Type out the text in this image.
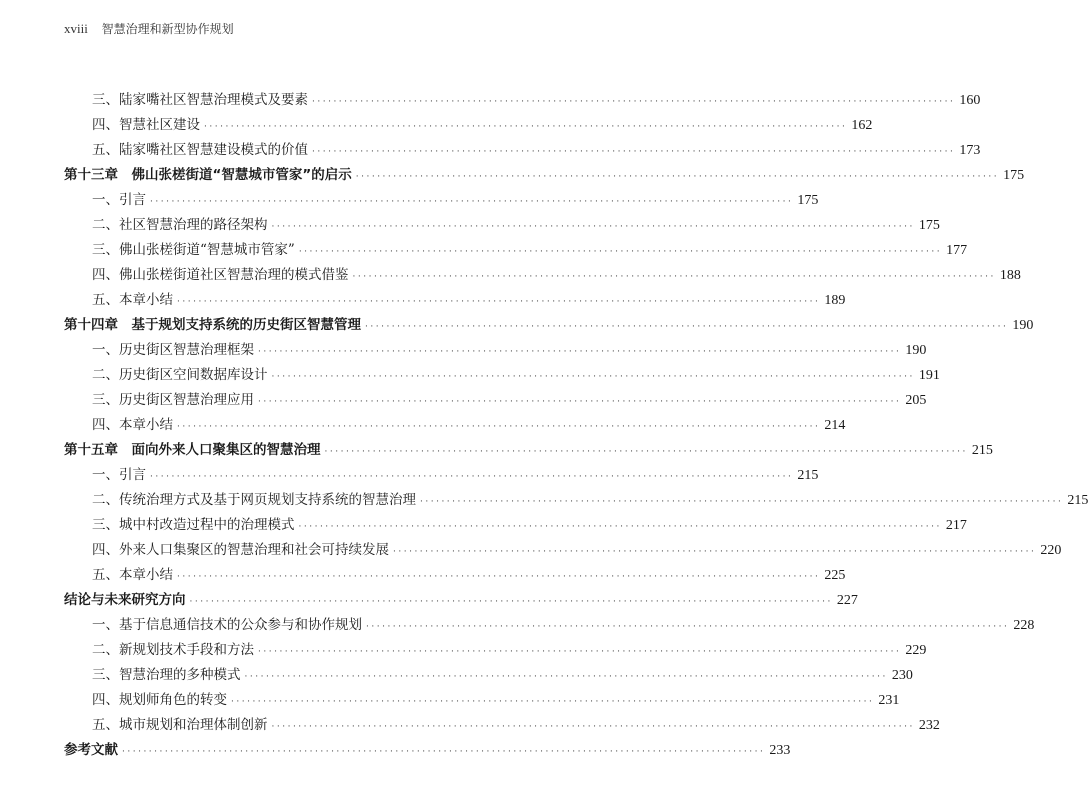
xviii 智慧治理和新型协作规划
三、陆家嘴社区智慧治理模式及要素 ························································································································ 160
四、智慧社区建设 ························································································································ 162
五、陆家嘴社区智慧建设模式的价值 ························································································································ 173
第十三章　佛山张槎街道“智慧城市管家”的启示 ························································································································ 175
一、引言 ························································································································ 175
二、社区智慧治理的路径架构 ························································································································ 175
三、佛山张槎街道“智慧城市管家” ························································································································ 177
四、佛山张槎街道社区智慧治理的模式借鉴 ························································································································ 188
五、本章小结 ························································································································ 189
第十四章　基于规划支持系统的历史街区智慧管理 ························································································································ 190
一、历史街区智慧治理框架 ························································································································ 190
二、历史街区空间数据库设计 ························································································································ 191
三、历史街区智慧治理应用 ························································································································ 205
四、本章小结 ························································································································ 214
第十五章　面向外来人口聚集区的智慧治理 ························································································································ 215
一、引言 ························································································································ 215
二、传统治理方式及基于网页规划支持系统的智慧治理 ························································································································ 215
三、城中村改造过程中的治理模式 ························································································································ 217
四、外来人口集聚区的智慧治理和社会可持续发展 ························································································································ 220
五、本章小结 ························································································································ 225
结论与未来研究方向 ························································································································ 227
一、基于信息通信技术的公众参与和协作规划 ························································································································ 228
二、新规划技术手段和方法 ························································································································ 229
三、智慧治理的多种模式 ························································································································ 230
四、规划师角色的转变 ························································································································ 231
五、城市规划和治理体制创新 ························································································································ 232
参考文献 ························································································································ 233
